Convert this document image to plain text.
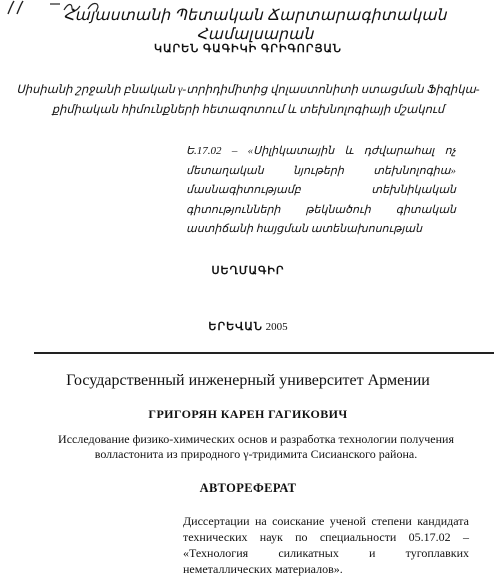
Հայաստանի Պետական Ճարտարագիտական Համալսարան
ԿԱՐԵՆ ԳԱԳԻԿԻ ԳՐԻԳՈՐՅԱՆ
Սիսիանի շրջանի բնական γ-տրիդիմիտից վոլաստոնիտի ստացման Ֆիզիկա-
քիմիական հիմունքների հետազոտում և տեխնոլոգիայի մշակում
Ե.17.02 – «Սիլիկատային և դժվարահալ ոչ մետաղական նյութերի տեխնոլոգիա» մասնագիտությամբ տեխնիկական գիտությունների թեկնածուի գիտական աստիճանի հայցման ատենախոսության
ՍԵՂՄԱԳԻՐ
ԵՐԵՎԱՆ 2005
Государственный инженерный университет Армении
ГРИГОРЯН КАРЕН ГАГИКОВИЧ
Исследование физико-химических основ и разработка технологии получения
волластонита из природного γ-тридимита Сисианского района.
АВТОРЕФЕРАТ
Диссертации на соискание ученой степени кандидата технических наук по специальности 05.17.02 – «Технология силикатных и тугоплавких неметаллических материалов».
